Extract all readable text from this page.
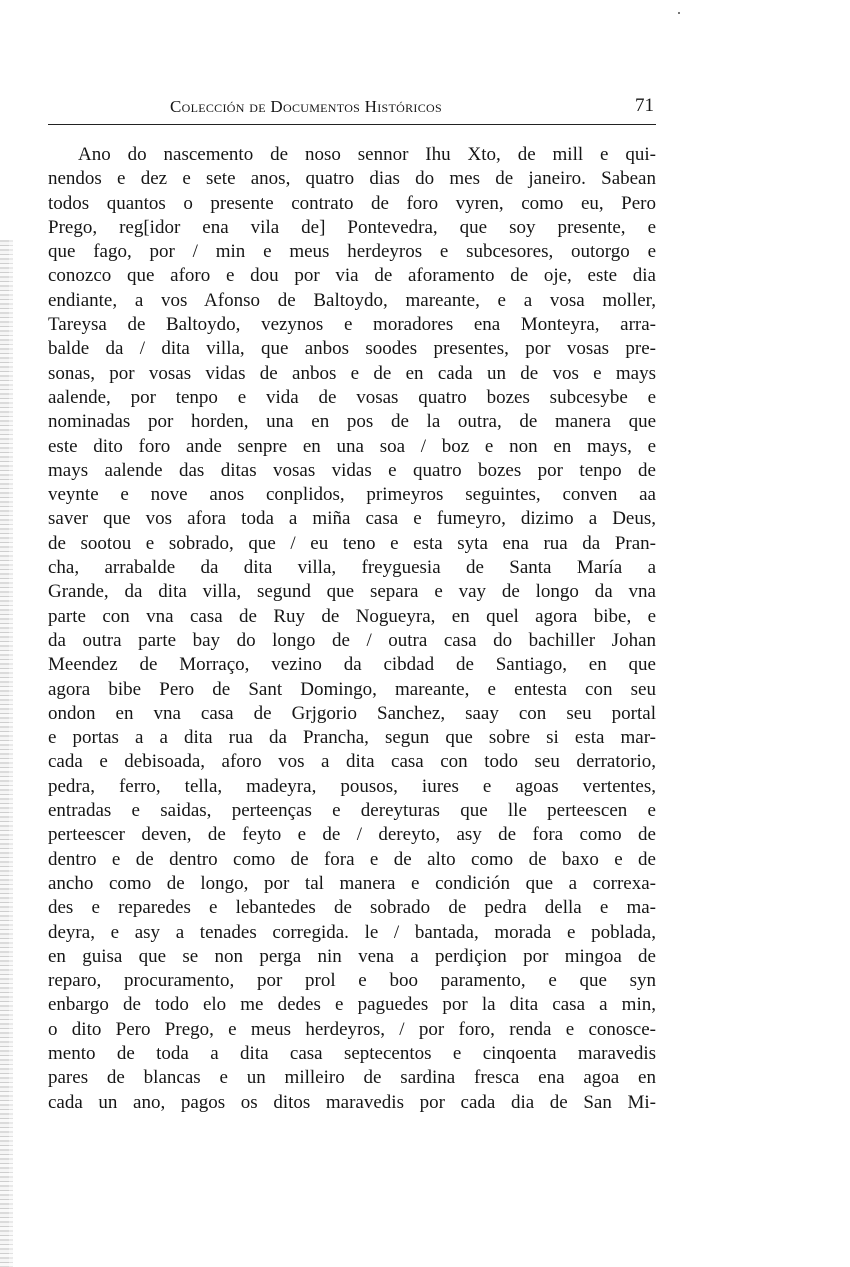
Colección de Documentos Históricos	71
Ano do nascemento de noso sennor Ihu Xto, de mill e qui-
nendos e dez e sete anos, quatro dias do mes de janeiro. Sabean
todos quantos o presente contrato de foro vyren, como eu, Pero
Prego, reg[idor ena vila de] Pontevedra, que soy presente, e
que fago, por / min e meus herdeyros e subcesores, outorgo e
conozco que aforo e dou por via de aforamento de oje, este dia
endiante, a vos Afonso de Baltoydo, mareante, e a vosa moller,
Tareysa de Baltoydo, vezynos e moradores ena Monteyra, arra-
balde da / dita villa, que anbos soodes presentes, por vosas pre-
sonas, por vosas vidas de anbos e de en cada un de vos e mays
aalende, por tenpo e vida de vosas quatro bozes subcesybe e
nominadas por horden, una en pos de la outra, de manera que
este dito foro ande senpre en una soa / boz e non en mays, e
mays aalende das ditas vosas vidas e quatro bozes por tenpo de
veynte e nove anos conplidos, primeyros seguintes, conven aa
saver que vos afora toda a miña casa e fumeyro, dizimo a Deus,
de sootou e sobrado, que / eu teno e esta syta ena rua da Pran-
cha, arrabalde da dita villa, freyguesia de Santa María a
Grande, da dita villa, segund que separa e vay de longo da vna
parte con vna casa de Ruy de Nogueyra, en quel agora bibe, e
da outra parte bay do longo de / outra casa do bachiller Johan
Meendez de Morraço, vezino da cibdad de Santiago, en que
agora bibe Pero de Sant Domingo, mareante, e entesta con seu
ondon en vna casa de Grjgorio Sanchez, saay con seu portal
e portas a a dita rua da Prancha, segun que sobre si esta mar-
cada e debisoada, aforo vos a dita casa con todo seu derratorio,
pedra, ferro, tella, madeyra, pousos, iures e agoas vertentes,
entradas e saidas, perteenças e dereyturas que lle perteescen e
perteescer deven, de feyto e de / dereyto, asy de fora como de
dentro e de dentro como de fora e de alto como de baxo e de
ancho como de longo, por tal manera e condición que a correxa-
des e reparedes e lebantedes de sobrado de pedra della e ma-
deyra, e asy a tenades corregida. le / bantada, morada e poblada,
en guisa que se non perga nin vena a perdiçion por mingoa de
reparo, procuramento, por prol e boo paramento, e que syn
enbargo de todo elo me dedes e paguedes por la dita casa a min,
o dito Pero Prego, e meus herdeyros, / por foro, renda e conoscе-
mento de toda a dita casa septecentos e cinqoenta maravedis
pares de blancas e un milleiro de sardina fresca ena agoa en
cada un ano, pagos os ditos maravedis por cada dia de San Mi-
